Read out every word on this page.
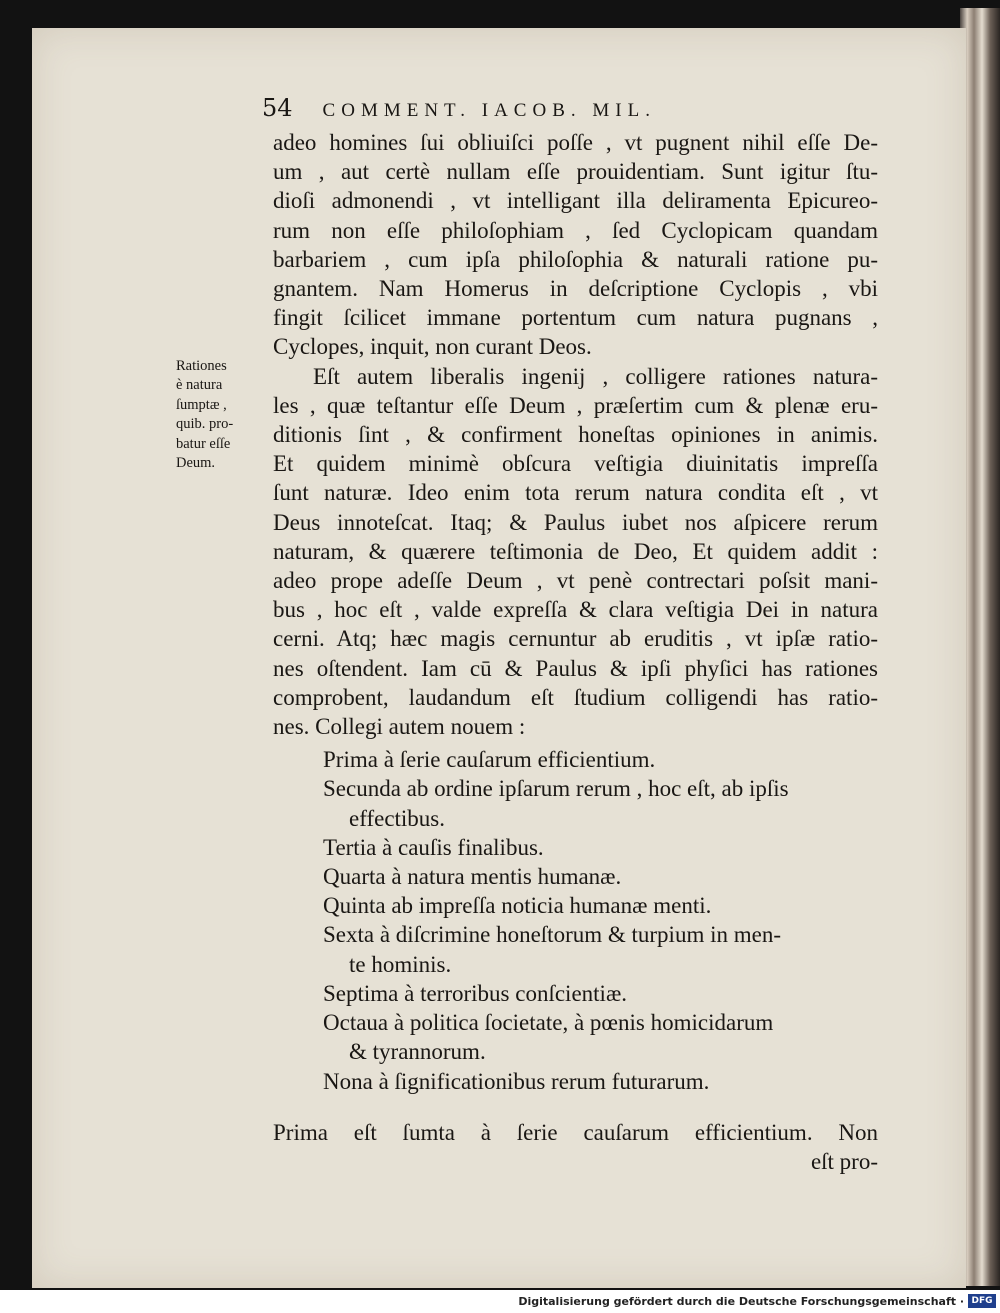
54 COMMENT. IACOB. MIL.
Rationes
è natura
ſumptæ ,
quib. pro-
batur eſſe
Deum.
adeo homines ſui obliuiſci poſſe , vt pugnent nihil eſſe De-
um , aut certè nullam eſſe prouidentiam. Sunt igitur ſtu-
dioſi admonendi , vt intelligant illa deliramenta Epicureo-
rum non eſſe philoſophiam , ſed Cyclopicam quandam
barbariem , cum ipſa philoſophia & naturali ratione pu-
gnantem. Nam Homerus in deſcriptione Cyclopis , vbi
fingit ſcilicet immane portentum cum natura pugnans ,
Cyclopes, inquit, non curant Deos.
Eſt autem liberalis ingenij , colligere rationes natura-
les , quæ teſtantur eſſe Deum , præſertim cum & plenæ eru-
ditionis ſint , & confirment honeſtas opiniones in animis.
Et quidem minimè obſcura veſtigia diuinitatis impreſſa
ſunt naturæ. Ideo enim tota rerum natura condita eſt , vt
Deus innoteſcat. Itaq; & Paulus iubet nos aſpicere rerum
naturam, & quærere teſtimonia de Deo, Et quidem addit :
adeo prope adeſſe Deum , vt penè contrectari poſsit mani-
bus , hoc eſt , valde expreſſa & clara veſtigia Dei in natura
cerni. Atq; hæc magis cernuntur ab eruditis , vt ipſæ ratio-
nes oſtendent. Iam cū & Paulus & ipſi phyſici has rationes
comprobent, laudandum eſt ſtudium colligendi has ratio-
nes. Collegi autem nouem :
Prima à ſerie cauſarum efficientium.
Secunda ab ordine ipſarum rerum , hoc eſt, ab ipſis
effectibus.
Tertia à cauſis finalibus.
Quarta à natura mentis humanæ.
Quinta ab impreſſa noticia humanæ menti.
Sexta à diſcrimine honeſtorum & turpium in men-
te hominis.
Septima à terroribus conſcientiæ.
Octaua à politica ſocietate, à pœnis homicidarum
& tyrannorum.
Nona à ſignificationibus rerum futurarum.
Prima eſt ſumta à ſerie cauſarum efficientium. Non
eſt pro-
Digitalisierung gefördert durch die Deutsche Forschungsgemeinschaft · DFG
